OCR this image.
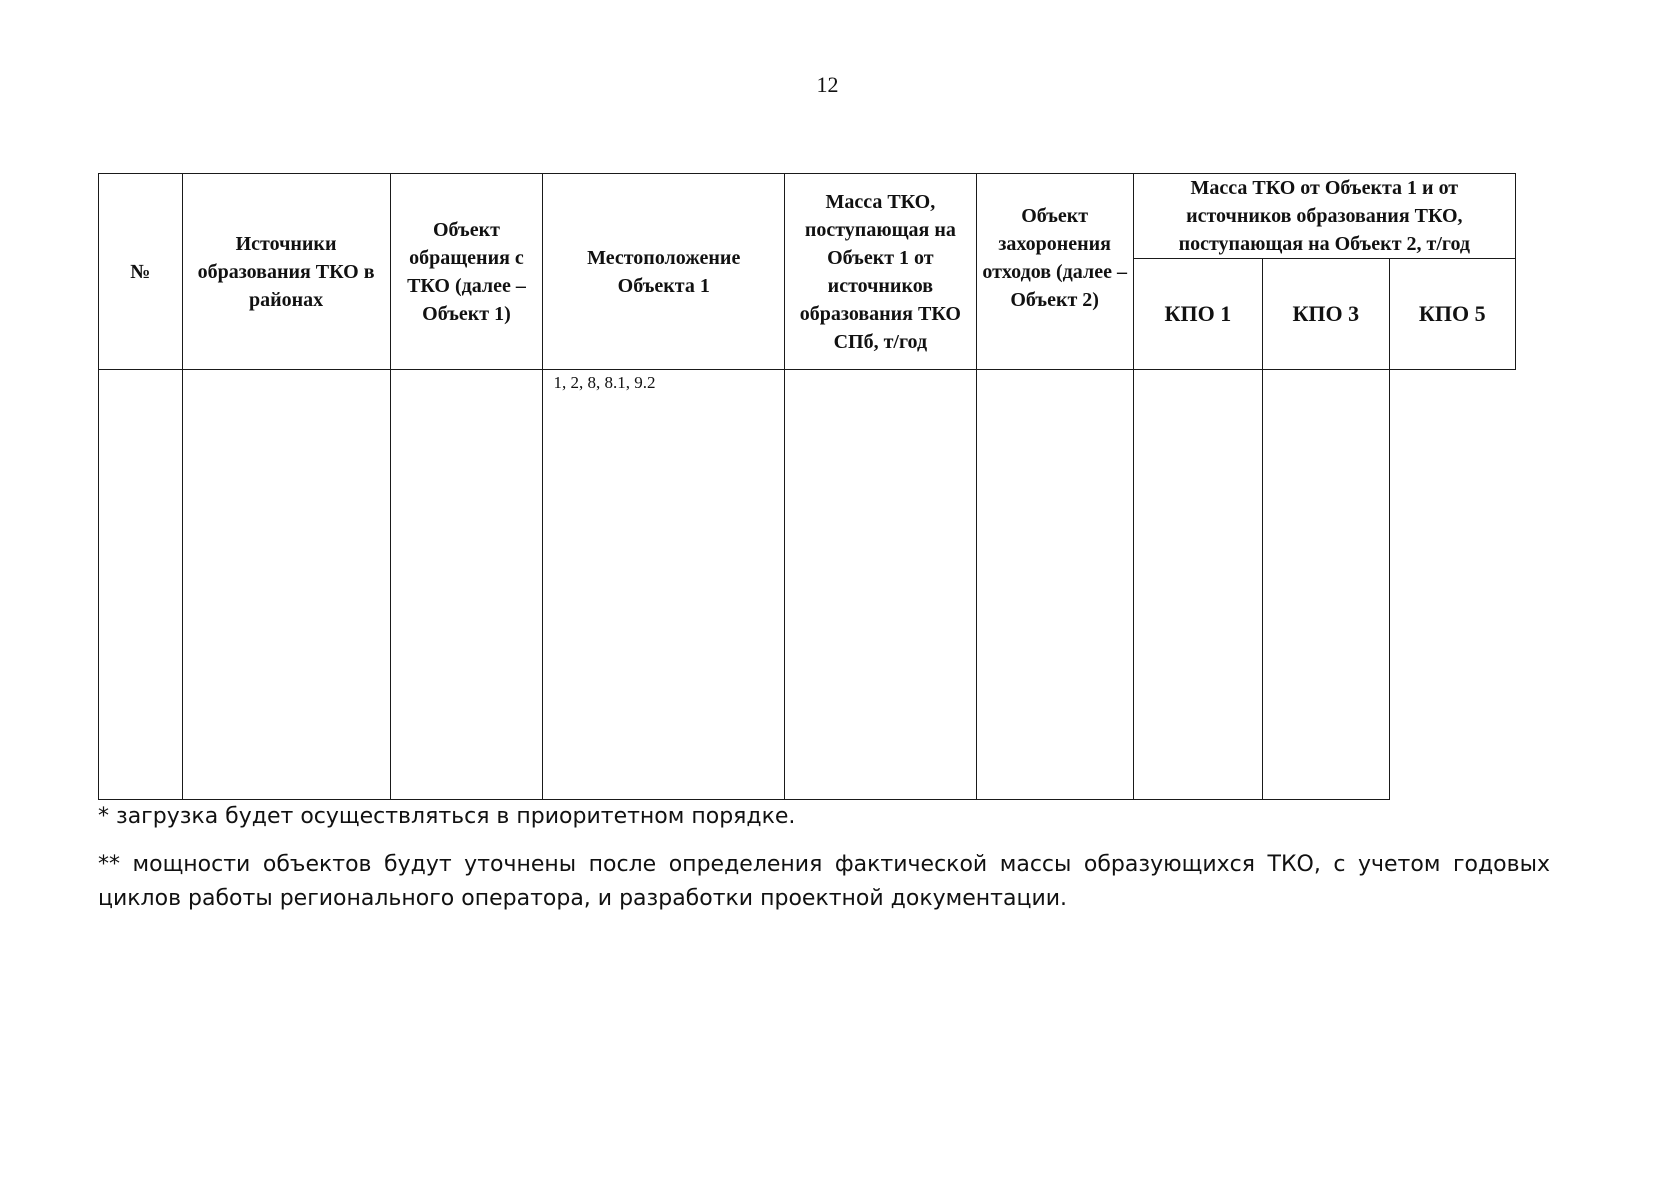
12
№	Источники образования ТКО в районах	Объект обращения с ТКО (далее – Объект 1)	Местоположение Объекта 1	Масса ТКО, поступающая на Объект 1 от источников образования ТКО СПб, т/год	Объект захоронения отходов (далее – Объект 2)	Масса ТКО от Объекта 1 и от источников образования ТКО, поступающая на Объект 2, т/год		
						КПО 1	КПО 3	КПО 5
			1, 2, 8, 8.1, 9.2					
* загрузка будет осуществляться в приоритетном порядке.
** мощности объектов будут уточнены после определения фактической массы образующихся ТКО, с учетом годовых циклов работы регионального оператора, и разработки проектной документации.
